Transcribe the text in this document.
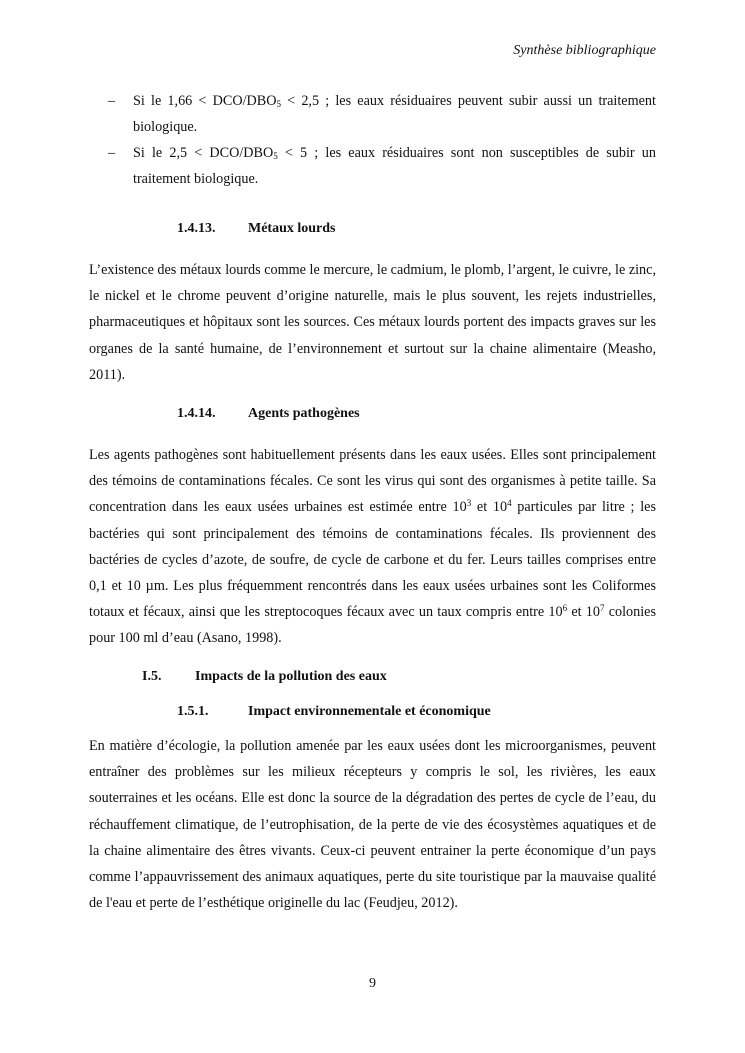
Synthèse bibliographique
– Si le 1,66 < DCO/$DBO_5 < 2,5$ ; les eaux résiduaires peuvent subir aussi un traitement biologique.
– Si le 2,5 < DCO/$DBO_5 < 5$ ; les eaux résiduaires sont non susceptibles de subir un traitement biologique.
1.4.13. Métaux lourds

L’existence des métaux lourds comme le mercure, le cadmium, le plomb, l’argent, le cuivre, le zinc, le nickel et le chrome peuvent d’origine naturelle, mais le plus souvent, les rejets industrielles, pharmaceutiques et hôpitaux sont les sources. Ces métaux lourds portent des impacts graves sur les organes de la santé humaine, de l’environnement et surtout sur la chaine alimentaire (Measho, 2011).

1.4.14. Agents pathogènes

Les agents pathogènes sont habituellement présents dans les eaux usées. Elles sont principalement des témoins de contaminations fécales. Ce sont les virus qui sont des organismes à petite taille. Sa concentration dans les eaux usées urbaines est estimée entre $10^3$ et $10^4$ particules par litre ; les bactéries qui sont principalement des témoins de contaminations fécales. Ils proviennent des bactéries de cycles d’azote, de soufre, de cycle de carbone et du fer. Leurs tailles comprises entre 0,1 et 10 µm. Les plus fréquemment rencontrés dans les eaux usées urbaines sont les Coliformes totaux et fécaux, ainsi que les streptocoques fécaux avec un taux compris entre $10^6$ et $10^7$ colonies pour 100 ml d’eau (Asano, 1998).

I.5. Impacts de la pollution des eaux
1.5.1.	Impact environnementale et économique

En matière d’écologie, la pollution amenée par les eaux usées dont les microorganismes, peuvent entraîner des problèmes sur les milieux récepteurs y compris le sol, les rivières, les eaux souterraines et les océans. Elle est donc la source de la dégradation des pertes de cycle de l’eau, du réchauffement climatique, de l’eutrophisation, de la perte de vie des écosystèmes aquatiques et de la chaine alimentaire des êtres vivants. Ceux-ci peuvent entrainer la perte économique d’un pays comme l’appauvrissement des animaux aquatiques, perte du site touristique par la mauvaise qualité de l'eau et perte de l’esthétique originelle du lac (Feudjeu, 2012).

9
